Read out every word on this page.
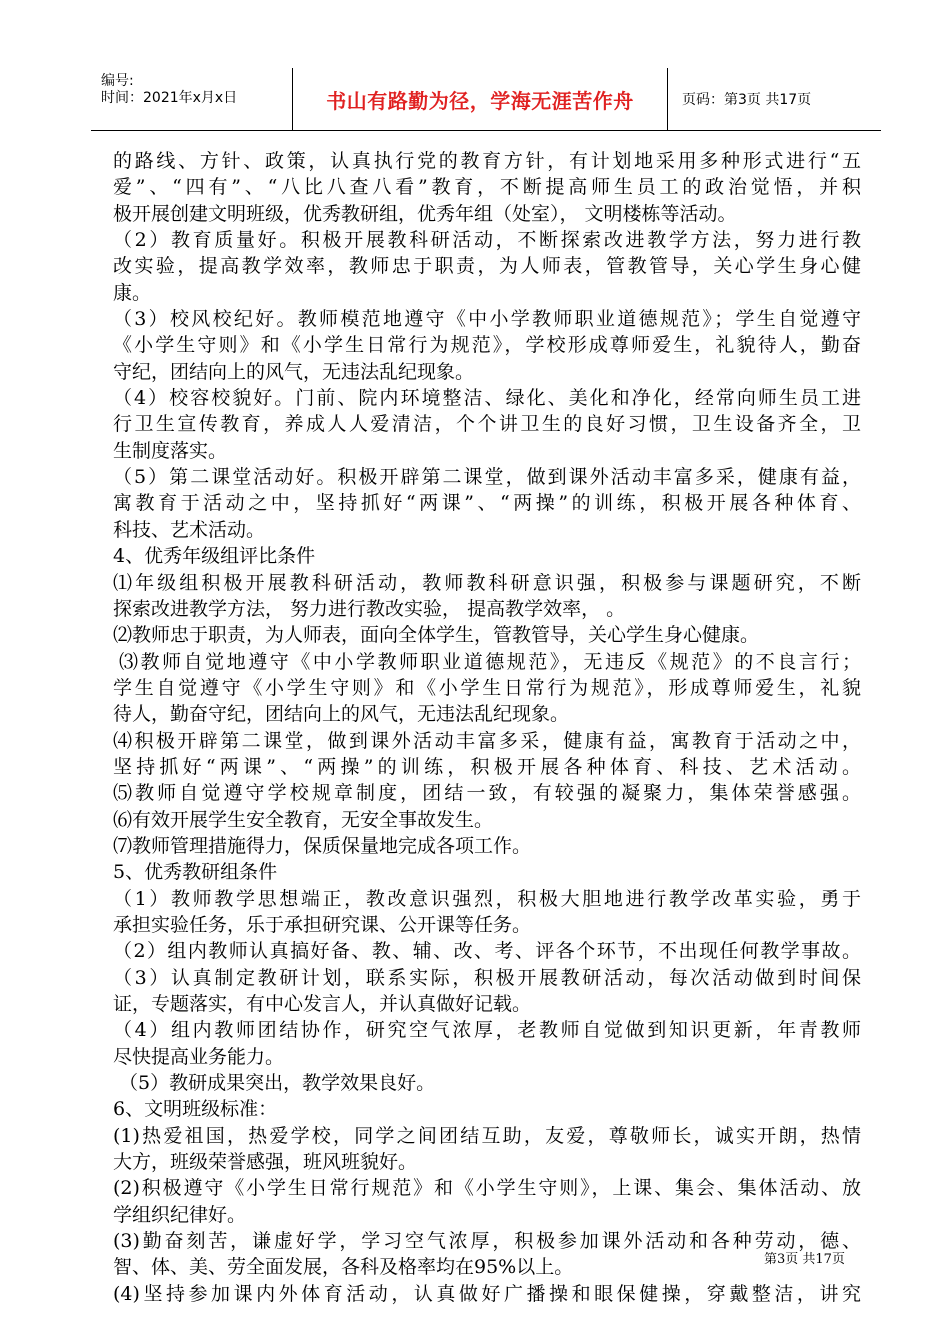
编号:
时间：2021年x月x日	书山有路勤为径，学海无涯苦作舟	页码：第3页 共17页
的路线、方针、政策，认真执行党的教育方针，有计划地采用多种形式进行“五
爱”、“四有”、“八比八查八看”教育，不断提高师生员工的政治觉悟，并积
极开展创建文明班级，优秀教研组，优秀年组（处室）， 文明楼栋等活动。
（2）教育质量好。积极开展教科研活动，不断探索改进教学方法，努力进行教
改实验，提高教学效率，教师忠于职责，为人师表，管教管导，关心学生身心健
康。
（3）校风校纪好。教师模范地遵守《中小学教师职业道德规范》；学生自觉遵守
《小学生守则》和《小学生日常行为规范》，学校形成尊师爱生，礼貌待人，勤奋
守纪，团结向上的风气，无违法乱纪现象。
（4）校容校貌好。门前、院内环境整洁、绿化、美化和净化，经常向师生员工进
行卫生宣传教育，养成人人爱清洁，个个讲卫生的良好习惯，卫生设备齐全，卫
生制度落实。
（5）第二课堂活动好。积极开辟第二课堂，做到课外活动丰富多采，健康有益，
寓教育于活动之中，坚持抓好“两课”、“两操”的训练，积极开展各种体育、
科技、艺术活动。
4、优秀年级组评比条件
⑴年级组积极开展教科研活动，教师教科研意识强，积极参与课题研究，不断
探索改进教学方法， 努力进行教改实验， 提高教学效率， 。
⑵教师忠于职责，为人师表，面向全体学生，管教管导，关心学生身心健康。
⑶教师自觉地遵守《中小学教师职业道德规范》，无违反《规范》的不良言行；
学生自觉遵守《小学生守则》和《小学生日常行为规范》，形成尊师爱生，礼貌
待人，勤奋守纪，团结向上的风气，无违法乱纪现象。
⑷积极开辟第二课堂，做到课外活动丰富多采，健康有益，寓教育于活动之中，
坚持抓好“两课”、“两操”的训练，积极开展各种体育、科技、艺术活动。
⑸教师自觉遵守学校规章制度，团结一致，有较强的凝聚力，集体荣誉感强。
⑹有效开展学生安全教育，无安全事故发生。
⑺教师管理措施得力，保质保量地完成各项工作。
5、优秀教研组条件
（1）教师教学思想端正，教改意识强烈，积极大胆地进行教学改革实验，勇于
承担实验任务，乐于承担研究课、公开课等任务。
（2）组内教师认真搞好备、教、辅、改、考、评各个环节，不出现任何教学事故。
（3）认真制定教研计划，联系实际，积极开展教研活动，每次活动做到时间保
证，专题落实，有中心发言人，并认真做好记载。
（4）组内教师团结协作，研究空气浓厚，老教师自觉做到知识更新，年青教师
尽快提高业务能力。
（5）教研成果突出，教学效果良好。
6、文明班级标准：
(1)热爱祖国，热爱学校，同学之间团结互助，友爱，尊敬师长，诚实开朗，热情
大方，班级荣誉感强，班风班貌好。
(2)积极遵守《小学生日常行规范》和《小学生守则》，上课、集会、集体活动、放
学组织纪律好。
(3)勤奋刻苦，谦虚好学，学习空气浓厚，积极参加课外活动和各种劳动，德、
智、体、美、劳全面发展，各科及格率均在95%以上。
(4)坚持参加课内外体育活动，认真做好广播操和眼保健操，穿戴整洁，讲究
第3页 共17页
